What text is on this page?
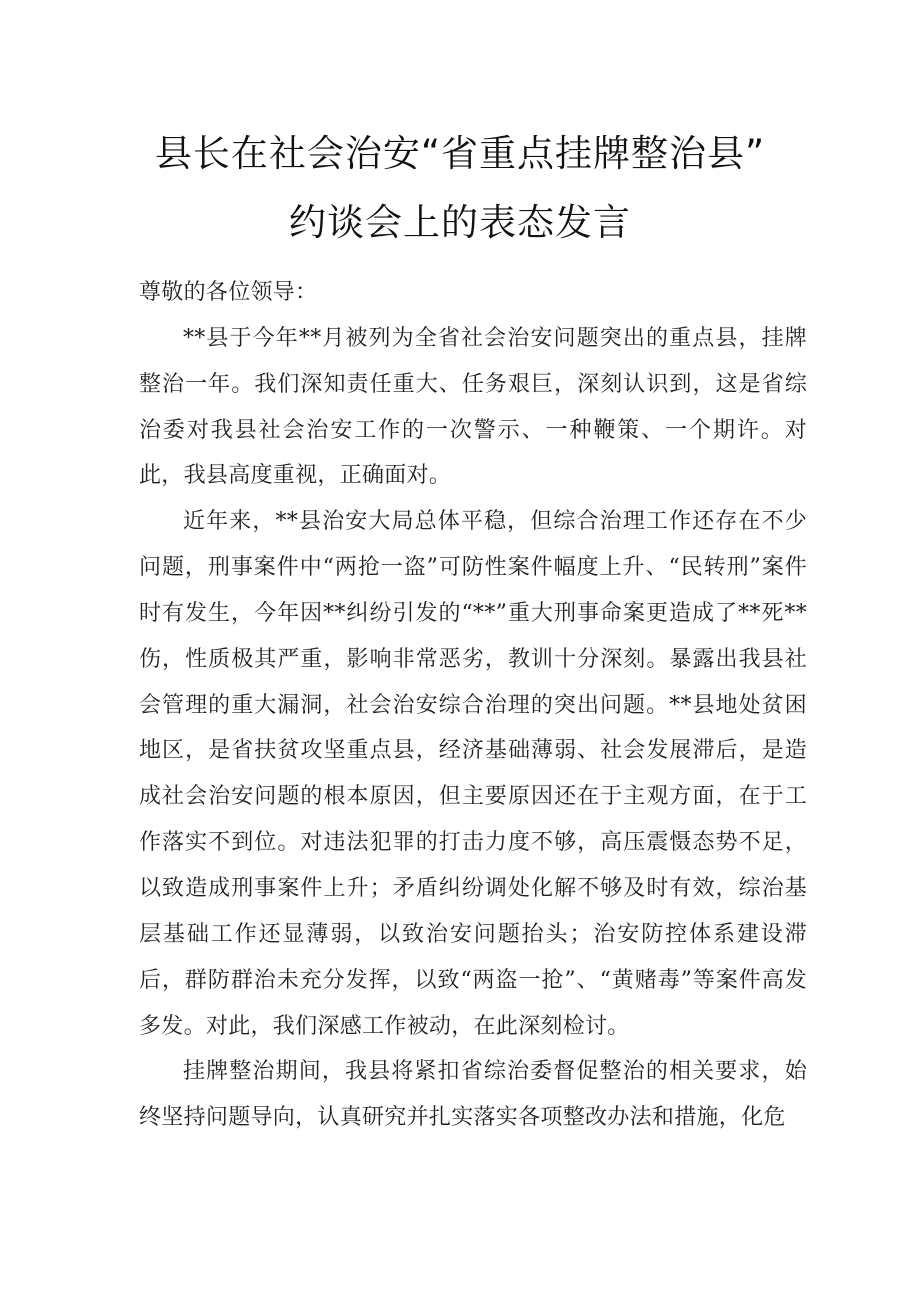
县长在社会治安“省重点挂牌整治县”
约谈会上的表态发言

尊敬的各位领导：

**县于今年**月被列为全省社会治安问题突出的重点县，挂牌整治一年。我们深知责任重大、任务艰巨，深刻认识到，这是省综治委对我县社会治安工作的一次警示、一种鞭策、一个期许。对此，我县高度重视，正确面对。

近年来，**县治安大局总体平稳，但综合治理工作还存在不少问题，刑事案件中“两抢一盗”可防性案件幅度上升、“民转刑”案件时有发生，今年因**纠纷引发的“**”重大刑事命案更造成了**死**伤，性质极其严重，影响非常恶劣，教训十分深刻。暴露出我县社会管理的重大漏洞，社会治安综合治理的突出问题。**县地处贫困地区，是省扶贫攻坚重点县，经济基础薄弱、社会发展滞后，是造成社会治安问题的根本原因，但主要原因还在于主观方面，在于工作落实不到位。对违法犯罪的打击力度不够，高压震慑态势不足，以致造成刑事案件上升；矛盾纠纷调处化解不够及时有效，综治基层基础工作还显薄弱，以致治安问题抬头；治安防控体系建设滞后，群防群治未充分发挥，以致“两盗一抢”、“黄赌毒”等案件高发多发。对此，我们深感工作被动，在此深刻检讨。

挂牌整治期间，我县将紧扣省综治委督促整治的相关要求，始终坚持问题导向，认真研究并扎实落实各项整改办法和措施，化危
